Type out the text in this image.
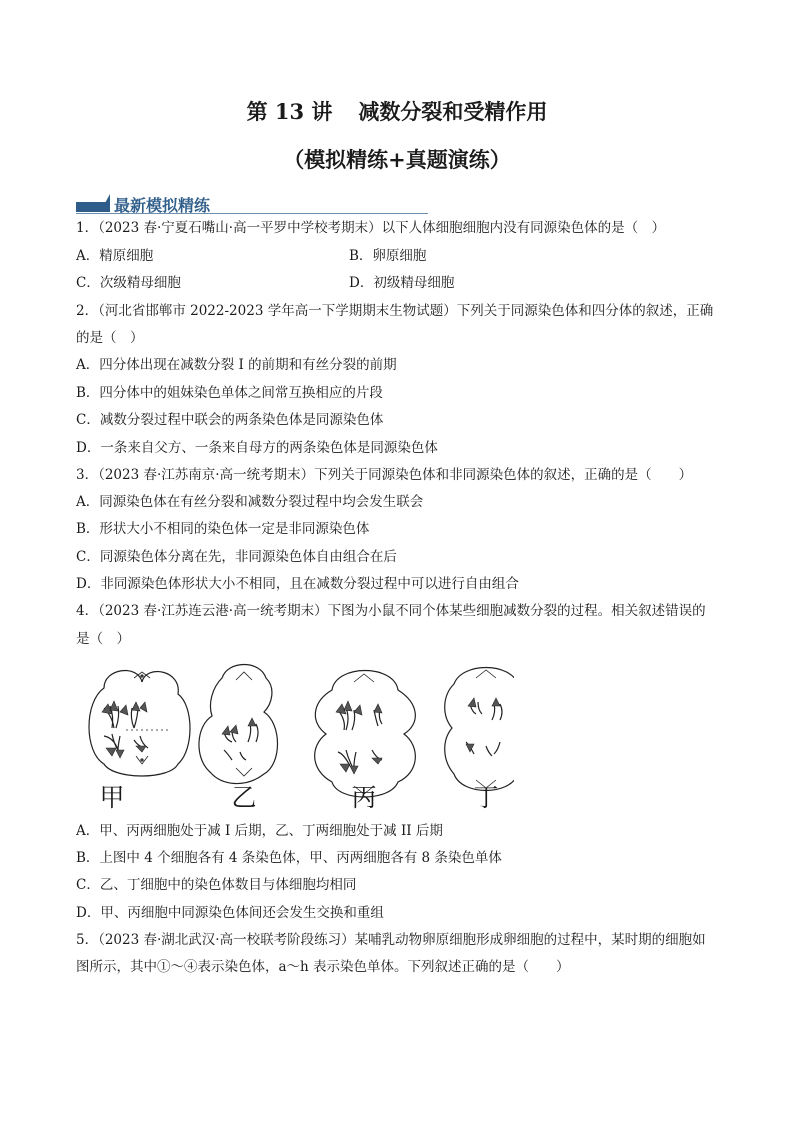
第 13 讲 减数分裂和受精作用
（模拟精练+真题演练）
最新模拟精练
1．（2023 春·宁夏石嘴山·高一平罗中学校考期末）以下人体细胞细胞内没有同源染色体的是（　）
A．精原细胞	B．卵原细胞
C．次级精母细胞	D．初级精母细胞
2．（河北省邯郸市 2022-2023 学年高一下学期期末生物试题）下列关于同源染色体和四分体的叙述，正确
的是（　）
A．四分体出现在减数分裂 I 的前期和有丝分裂的前期
B．四分体中的姐妹染色单体之间常互换相应的片段
C．减数分裂过程中联会的两条染色体是同源染色体
D．一条来自父方、一条来自母方的两条染色体是同源染色体
3．（2023 春·江苏南京·高一统考期末）下列关于同源染色体和非同源染色体的叙述，正确的是（　　）
A．同源染色体在有丝分裂和减数分裂过程中均会发生联会
B．形状大小不相同的染色体一定是非同源染色体
C．同源染色体分离在先，非同源染色体自由组合在后
D．非同源染色体形状大小不相同，且在减数分裂过程中可以进行自由组合
4．（2023 春·江苏连云港·高一统考期末）下图为小鼠不同个体某些细胞减数分裂的过程。相关叙述错误的
是（　）
甲	乙	丙	丁
A．甲、丙两细胞处于减 I 后期，乙、丁两细胞处于减 II 后期
B．上图中 4 个细胞各有 4 条染色体，甲、丙两细胞各有 8 条染色单体
C．乙、丁细胞中的染色体数目与体细胞均相同
D．甲、丙细胞中同源染色体间还会发生交换和重组
5．（2023 春·湖北武汉·高一校联考阶段练习）某哺乳动物卵原细胞形成卵细胞的过程中，某时期的细胞如
图所示，其中①～④表示染色体，a～h 表示染色单体。下列叙述正确的是（　　）
